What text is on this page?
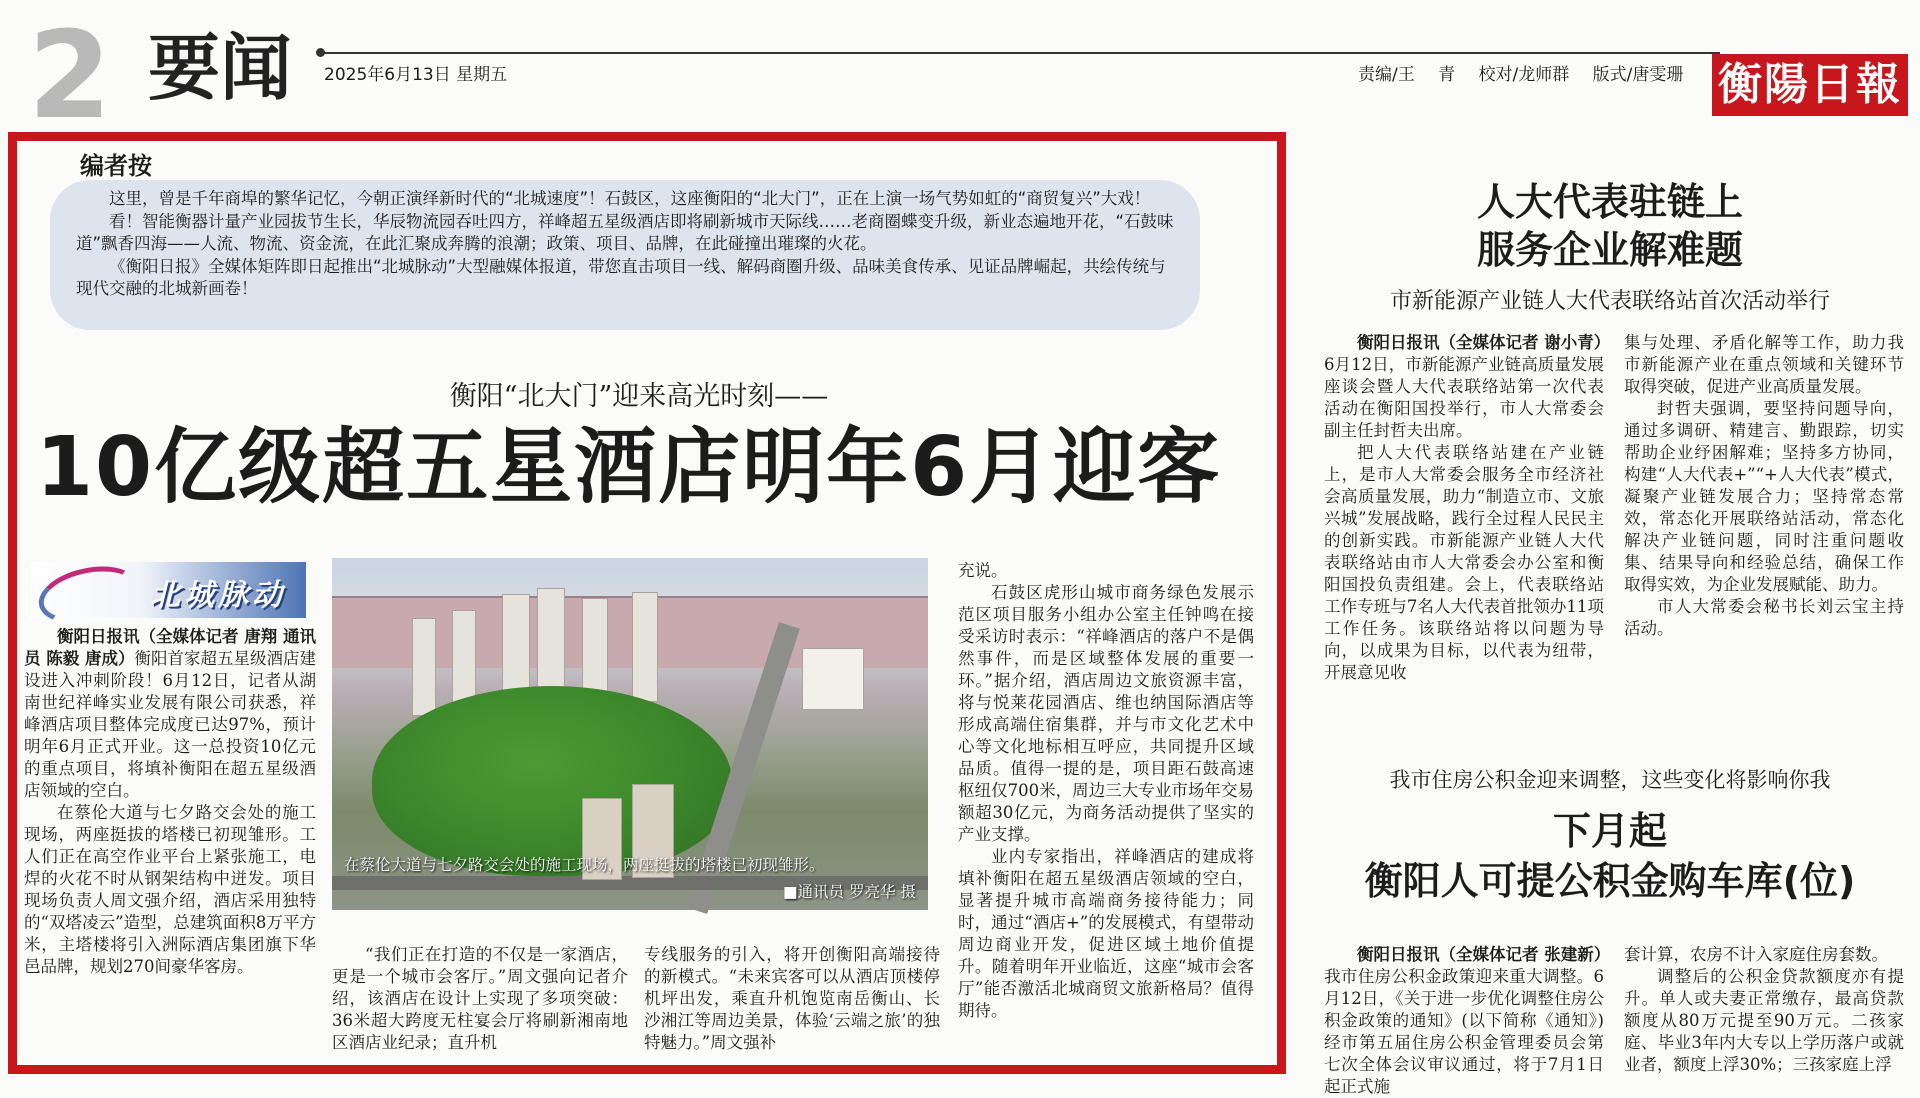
2 要闻 2025年6月13日 星期五	责编/王 青 校对/龙师群 版式/唐雯珊 衡陽日報
编者按

这里，曾是千年商埠的繁华记忆，今朝正演绎新时代的“北城速度”！石鼓区，这座衡阳的“北大门”，正在上演一场气势如虹的“商贸复兴”大戏！

看！智能衡器计量产业园拔节生长，华辰物流园吞吐四方，祥峰超五星级酒店即将刷新城市天际线……老商圈蝶变升级，新业态遍地开花，“石鼓味道”飘香四海——人流、物流、资金流，在此汇聚成奔腾的浪潮；政策、项目、品牌，在此碰撞出璀璨的火花。

《衡阳日报》全媒体矩阵即日起推出“北城脉动”大型融媒体报道，带您直击项目一线、解码商圈升级、品味美食传承、见证品牌崛起，共绘传统与现代交融的北城新画卷！

衡阳“北大门”迎来高光时刻——
10亿级超五星酒店明年6月迎客
北城脉动

衡阳日报讯（全媒体记者 唐翔 通讯员 陈毅 唐成）衡阳首家超五星级酒店建设进入冲刺阶段！6月12日，记者从湖南世纪祥峰实业发展有限公司获悉，祥峰酒店项目整体完成度已达97%，预计明年6月正式开业。这一总投资10亿元的重点项目，将填补衡阳在超五星级酒店领域的空白。

在蔡伦大道与七夕路交会处的施工现场，两座挺拔的塔楼已初现雏形。工人们正在高空作业平台上紧张施工，电焊的火花不时从钢架结构中迸发。项目现场负责人周文强介绍，酒店采用独特的“双塔凌云”造型，总建筑面积8万平方米，主塔楼将引入洲际酒店集团旗下华邑品牌，规划270间豪华客房。

在蔡伦大道与七夕路交会处的施工现场，两座挺拔的塔楼已初现雏形。
■通讯员 罗亮华 摄

“我们正在打造的不仅是一家酒店，更是一个城市会客厅。”周文强向记者介绍，该酒店在设计上实现了多项突破：36米超大跨度无柱宴会厅将刷新湘南地区酒店业纪录；直升机

专线服务的引入，将开创衡阳高端接待的新模式。“未来宾客可以从酒店顶楼停机坪出发，乘直升机饱览南岳衡山、长沙湘江等周边美景，体验‘云端之旅’的独特魅力。”周文强补

充说。

石鼓区虎形山城市商务绿色发展示范区项目服务小组办公室主任钟鸣在接受采访时表示：“祥峰酒店的落户不是偶然事件，而是区域整体发展的重要一环。”据介绍，酒店周边文旅资源丰富，将与悦莱花园酒店、维也纳国际酒店等形成高端住宿集群，并与市文化艺术中心等文化地标相互呼应，共同提升区域品质。值得一提的是，项目距石鼓高速枢纽仅700米，周边三大专业市场年交易额超30亿元，为商务活动提供了坚实的产业支撑。

业内专家指出，祥峰酒店的建成将填补衡阳在超五星级酒店领域的空白，显著提升城市高端商务接待能力；同时，通过“酒店+”的发展模式，有望带动周边商业开发，促进区域土地价值提升。随着明年开业临近，这座“城市会客厅”能否激活北城商贸文旅新格局？值得期待。

人大代表驻链上
服务企业解难题
市新能源产业链人大代表联络站首次活动举行

衡阳日报讯（全媒体记者 谢小青）6月12日，市新能源产业链高质量发展座谈会暨人大代表联络站第一次代表活动在衡阳国投举行，市人大常委会副主任封哲夫出席。

把人大代表联络站建在产业链上，是市人大常委会服务全市经济社会高质量发展，助力“制造立市、文旅兴城”发展战略，践行全过程人民民主的创新实践。市新能源产业链人大代表联络站由市人大常委会办公室和衡阳国投负责组建。会上，代表联络站工作专班与7名人大代表首批领办11项工作任务。该联络站将以问题为导向，以成果为目标，以代表为纽带，开展意见收

集与处理、矛盾化解等工作，助力我市新能源产业在重点领域和关键环节取得突破，促进产业高质量发展。

封哲夫强调，要坚持问题导向，通过多调研、精建言、勤跟踪，切实帮助企业纾困解难；坚持多方协同，构建“人大代表+”“+人大代表”模式，凝聚产业链发展合力；坚持常态常效，常态化开展联络站活动，常态化解决产业链问题，同时注重问题收集、结果导向和经验总结，确保工作取得实效，为企业发展赋能、助力。

市人大常委会秘书长刘云宝主持活动。

我市住房公积金迎来调整，这些变化将影响你我
下月起
衡阳人可提公积金购车库(位)

衡阳日报讯（全媒体记者 张建新）我市住房公积金政策迎来重大调整。6月12日，《关于进一步优化调整住房公积金政策的通知》(以下简称《通知》)经市第五届住房公积金管理委员会第七次全体会议审议通过，将于7月1日起正式施

套计算，农房不计入家庭住房套数。

调整后的公积金贷款额度亦有提升。单人或夫妻正常缴存，最高贷款额度从80万元提至90万元。二孩家庭、毕业3年内大专以上学历落户或就业者，额度上浮30%；三孩家庭上浮
